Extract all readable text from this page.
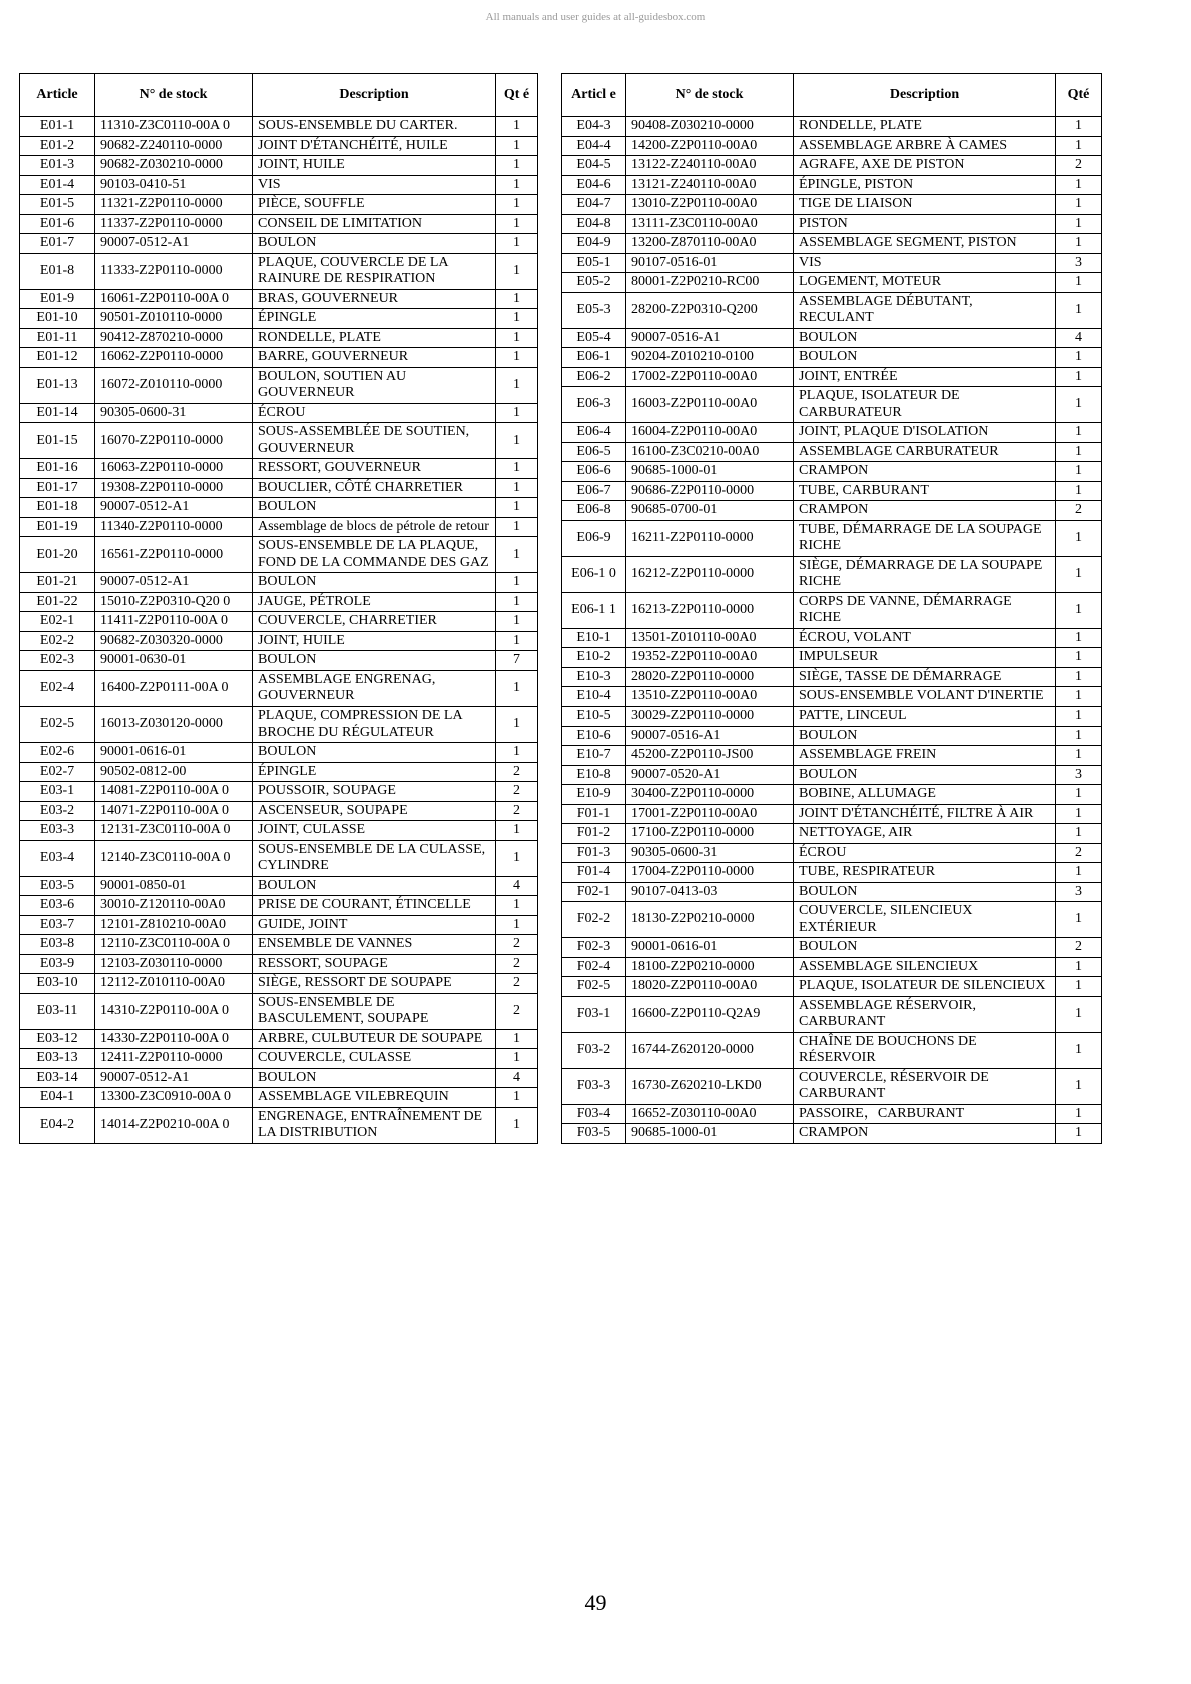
All manuals and user guides at all-guidesbox.com
Article	N° de stock	Description	Qt é
E01-1	11310-Z3C0110-00A 0	SOUS-ENSEMBLE DU CARTER.	1
E01-2	90682-Z240110-0000	JOINT D'ÉTANCHÉITÉ, HUILE	1
E01-3	90682-Z030210-0000	JOINT, HUILE	1
E01-4	90103-0410-51	VIS	1
E01-5	11321-Z2P0110-0000	PIÈCE, SOUFFLE	1
E01-6	11337-Z2P0110-0000	CONSEIL DE LIMITATION	1
E01-7	90007-0512-A1	BOULON	1
E01-8	11333-Z2P0110-0000	PLAQUE, COUVERCLE DE LA RAINURE DE RESPIRATION	1
E01-9	16061-Z2P0110-00A 0	BRAS, GOUVERNEUR	1
E01-10	90501-Z010110-0000	ÉPINGLE	1
E01-11	90412-Z870210-0000	RONDELLE, PLATE	1
E01-12	16062-Z2P0110-0000	BARRE, GOUVERNEUR	1
E01-13	16072-Z010110-0000	BOULON, SOUTIEN AU GOUVERNEUR	1
E01-14	90305-0600-31	ÉCROU	1
E01-15	16070-Z2P0110-0000	SOUS-ASSEMBLÉE DE SOUTIEN, GOUVERNEUR	1
E01-16	16063-Z2P0110-0000	RESSORT, GOUVERNEUR	1
E01-17	19308-Z2P0110-0000	BOUCLIER, CÔTÉ CHARRETIER	1
E01-18	90007-0512-A1	BOULON	1
E01-19	11340-Z2P0110-0000	Assemblage de blocs de pétrole de retour	1
E01-20	16561-Z2P0110-0000	SOUS-ENSEMBLE DE LA PLAQUE, FOND DE LA COMMANDE DES GAZ	1
E01-21	90007-0512-A1	BOULON	1
E01-22	15010-Z2P0310-Q20 0	JAUGE, PÉTROLE	1
E02-1	11411-Z2P0110-00A 0	COUVERCLE, CHARRETIER	1
E02-2	90682-Z030320-0000	JOINT, HUILE	1
E02-3	90001-0630-01	BOULON	7
E02-4	16400-Z2P0111-00A 0	ASSEMBLAGE ENGRENAG, GOUVERNEUR	1
E02-5	16013-Z030120-0000	PLAQUE, COMPRESSION DE LA BROCHE DU RÉGULATEUR	1
E02-6	90001-0616-01	BOULON	1
E02-7	90502-0812-00	ÉPINGLE	2
E03-1	14081-Z2P0110-00A 0	POUSSOIR, SOUPAGE	2
E03-2	14071-Z2P0110-00A 0	ASCENSEUR, SOUPAPE	2
E03-3	12131-Z3C0110-00A 0	JOINT, CULASSE	1
E03-4	12140-Z3C0110-00A 0	SOUS-ENSEMBLE DE LA CULASSE, CYLINDRE	1
E03-5	90001-0850-01	BOULON	4
E03-6	30010-Z120110-00A0	PRISE DE COURANT, ÉTINCELLE	1
E03-7	12101-Z810210-00A0	GUIDE, JOINT	1
E03-8	12110-Z3C0110-00A 0	ENSEMBLE DE VANNES	2
E03-9	12103-Z030110-0000	RESSORT, SOUPAGE	2
E03-10	12112-Z010110-00A0	SIÈGE, RESSORT DE SOUPAPE	2
E03-11	14310-Z2P0110-00A 0	SOUS-ENSEMBLE DE BASCULEMENT, SOUPAPE	2
E03-12	14330-Z2P0110-00A 0	ARBRE, CULBUTEUR DE SOUPAPE	1
E03-13	12411-Z2P0110-0000	COUVERCLE, CULASSE	1
E03-14	90007-0512-A1	BOULON	4
E04-1	13300-Z3C0910-00A 0	ASSEMBLAGE VILEBREQUIN	1
E04-2	14014-Z2P0210-00A 0	ENGRENAGE, ENTRAÎNEMENT DE LA DISTRIBUTION	1
Articl e	N° de stock	Description	Qté
E04-3	90408-Z030210-0000	RONDELLE, PLATE	1
E04-4	14200-Z2P0110-00A0	ASSEMBLAGE ARBRE À CAMES	1
E04-5	13122-Z240110-00A0	AGRAFE, AXE DE PISTON	2
E04-6	13121-Z240110-00A0	ÉPINGLE, PISTON	1
E04-7	13010-Z2P0110-00A0	TIGE DE LIAISON	1
E04-8	13111-Z3C0110-00A0	PISTON	1
E04-9	13200-Z870110-00A0	ASSEMBLAGE SEGMENT, PISTON	1
E05-1	90107-0516-01	VIS	3
E05-2	80001-Z2P0210-RC00	LOGEMENT, MOTEUR	1
E05-3	28200-Z2P0310-Q200	ASSEMBLAGE DÉBUTANT, RECULANT	1
E05-4	90007-0516-A1	BOULON	4
E06-1	90204-Z010210-0100	BOULON	1
E06-2	17002-Z2P0110-00A0	JOINT, ENTRÉE	1
E06-3	16003-Z2P0110-00A0	PLAQUE, ISOLATEUR DE CARBURATEUR	1
E06-4	16004-Z2P0110-00A0	JOINT, PLAQUE D'ISOLATION	1
E06-5	16100-Z3C0210-00A0	ASSEMBLAGE CARBURATEUR	1
E06-6	90685-1000-01	CRAMPON	1
E06-7	90686-Z2P0110-0000	TUBE, CARBURANT	1
E06-8	90685-0700-01	CRAMPON	2
E06-9	16211-Z2P0110-0000	TUBE, DÉMARRAGE DE LA SOUPAGE RICHE	1
E06-1 0	16212-Z2P0110-0000	SIÈGE, DÉMARRAGE DE LA SOUPAPE RICHE	1
E06-1 1	16213-Z2P0110-0000	CORPS DE VANNE, DÉMARRAGE RICHE	1
E10-1	13501-Z010110-00A0	ÉCROU, VOLANT	1
E10-2	19352-Z2P0110-00A0	IMPULSEUR	1
E10-3	28020-Z2P0110-0000	SIÈGE, TASSE DE DÉMARRAGE	1
E10-4	13510-Z2P0110-00A0	SOUS-ENSEMBLE VOLANT D'INERTIE	1
E10-5	30029-Z2P0110-0000	PATTE, LINCEUL	1
E10-6	90007-0516-A1	BOULON	1
E10-7	45200-Z2P0110-JS00	ASSEMBLAGE FREIN	1
E10-8	90007-0520-A1	BOULON	3
E10-9	30400-Z2P0110-0000	BOBINE, ALLUMAGE	1
F01-1	17001-Z2P0110-00A0	JOINT D'ÉTANCHÉITÉ, FILTRE À AIR	1
F01-2	17100-Z2P0110-0000	NETTOYAGE, AIR	1
F01-3	90305-0600-31	ÉCROU	2
F01-4	17004-Z2P0110-0000	TUBE, RESPIRATEUR	1
F02-1	90107-0413-03	BOULON	3
F02-2	18130-Z2P0210-0000	COUVERCLE, SILENCIEUX EXTÉRIEUR	1
F02-3	90001-0616-01	BOULON	2
F02-4	18100-Z2P0210-0000	ASSEMBLAGE SILENCIEUX	1
F02-5	18020-Z2P0110-00A0	PLAQUE, ISOLATEUR DE SILENCIEUX	1
F03-1	16600-Z2P0110-Q2A9	ASSEMBLAGE RÉSERVOIR, CARBURANT	1
F03-2	16744-Z620120-0000	CHAÎNE DE BOUCHONS DE RÉSERVOIR	1
F03-3	16730-Z620210-LKD0	COUVERCLE, RÉSERVOIR DE CARBURANT	1
F03-4	16652-Z030110-00A0	PASSOIRE，CARBURANT	1
F03-5	90685-1000-01	CRAMPON	1
49
